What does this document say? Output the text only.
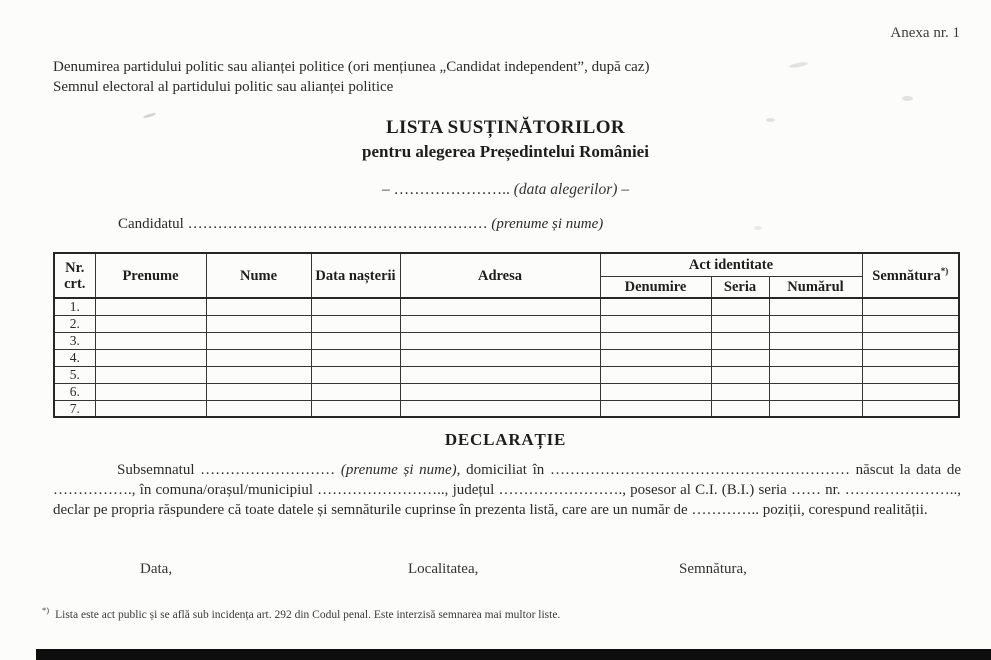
Anexa nr. 1
Denumirea partidului politic sau alianței politice (ori mențiunea „Candidat independent”, după caz)
Semnul electoral al partidului politic sau alianței politice
LISTA SUSȚINĂTORILOR
pentru alegerea Președintelui României
– ………………….. (data alegerilor) –
Candidatul …………………………………………………… (prenume și nume)
Nr. crt.	Prenume	Nume	Data nașterii	Adresa	Act identitate			Semnătura*)
					Denumire	Seria	Numărul	
1.								
2.								
3.								
4.								
5.								
6.								
7.								
DECLARAȚIE

Subsemnatul ……………………… (prenume și nume), domiciliat în …………………………………………………… născut la data de ……………., în comuna/orașul/municipiul …………………….., județul ……………………., posesor al C.I. (B.I.) seria …… nr. ………………….., declar pe propria răspundere că toate datele și semnăturile cuprinse în prezenta listă, care are un număr de ………….. poziții, corespund realității.

Data,	Localitatea,	Semnătura,
*) Lista este act public și se află sub incidența art. 292 din Codul penal. Este interzisă semnarea mai multor liste.
